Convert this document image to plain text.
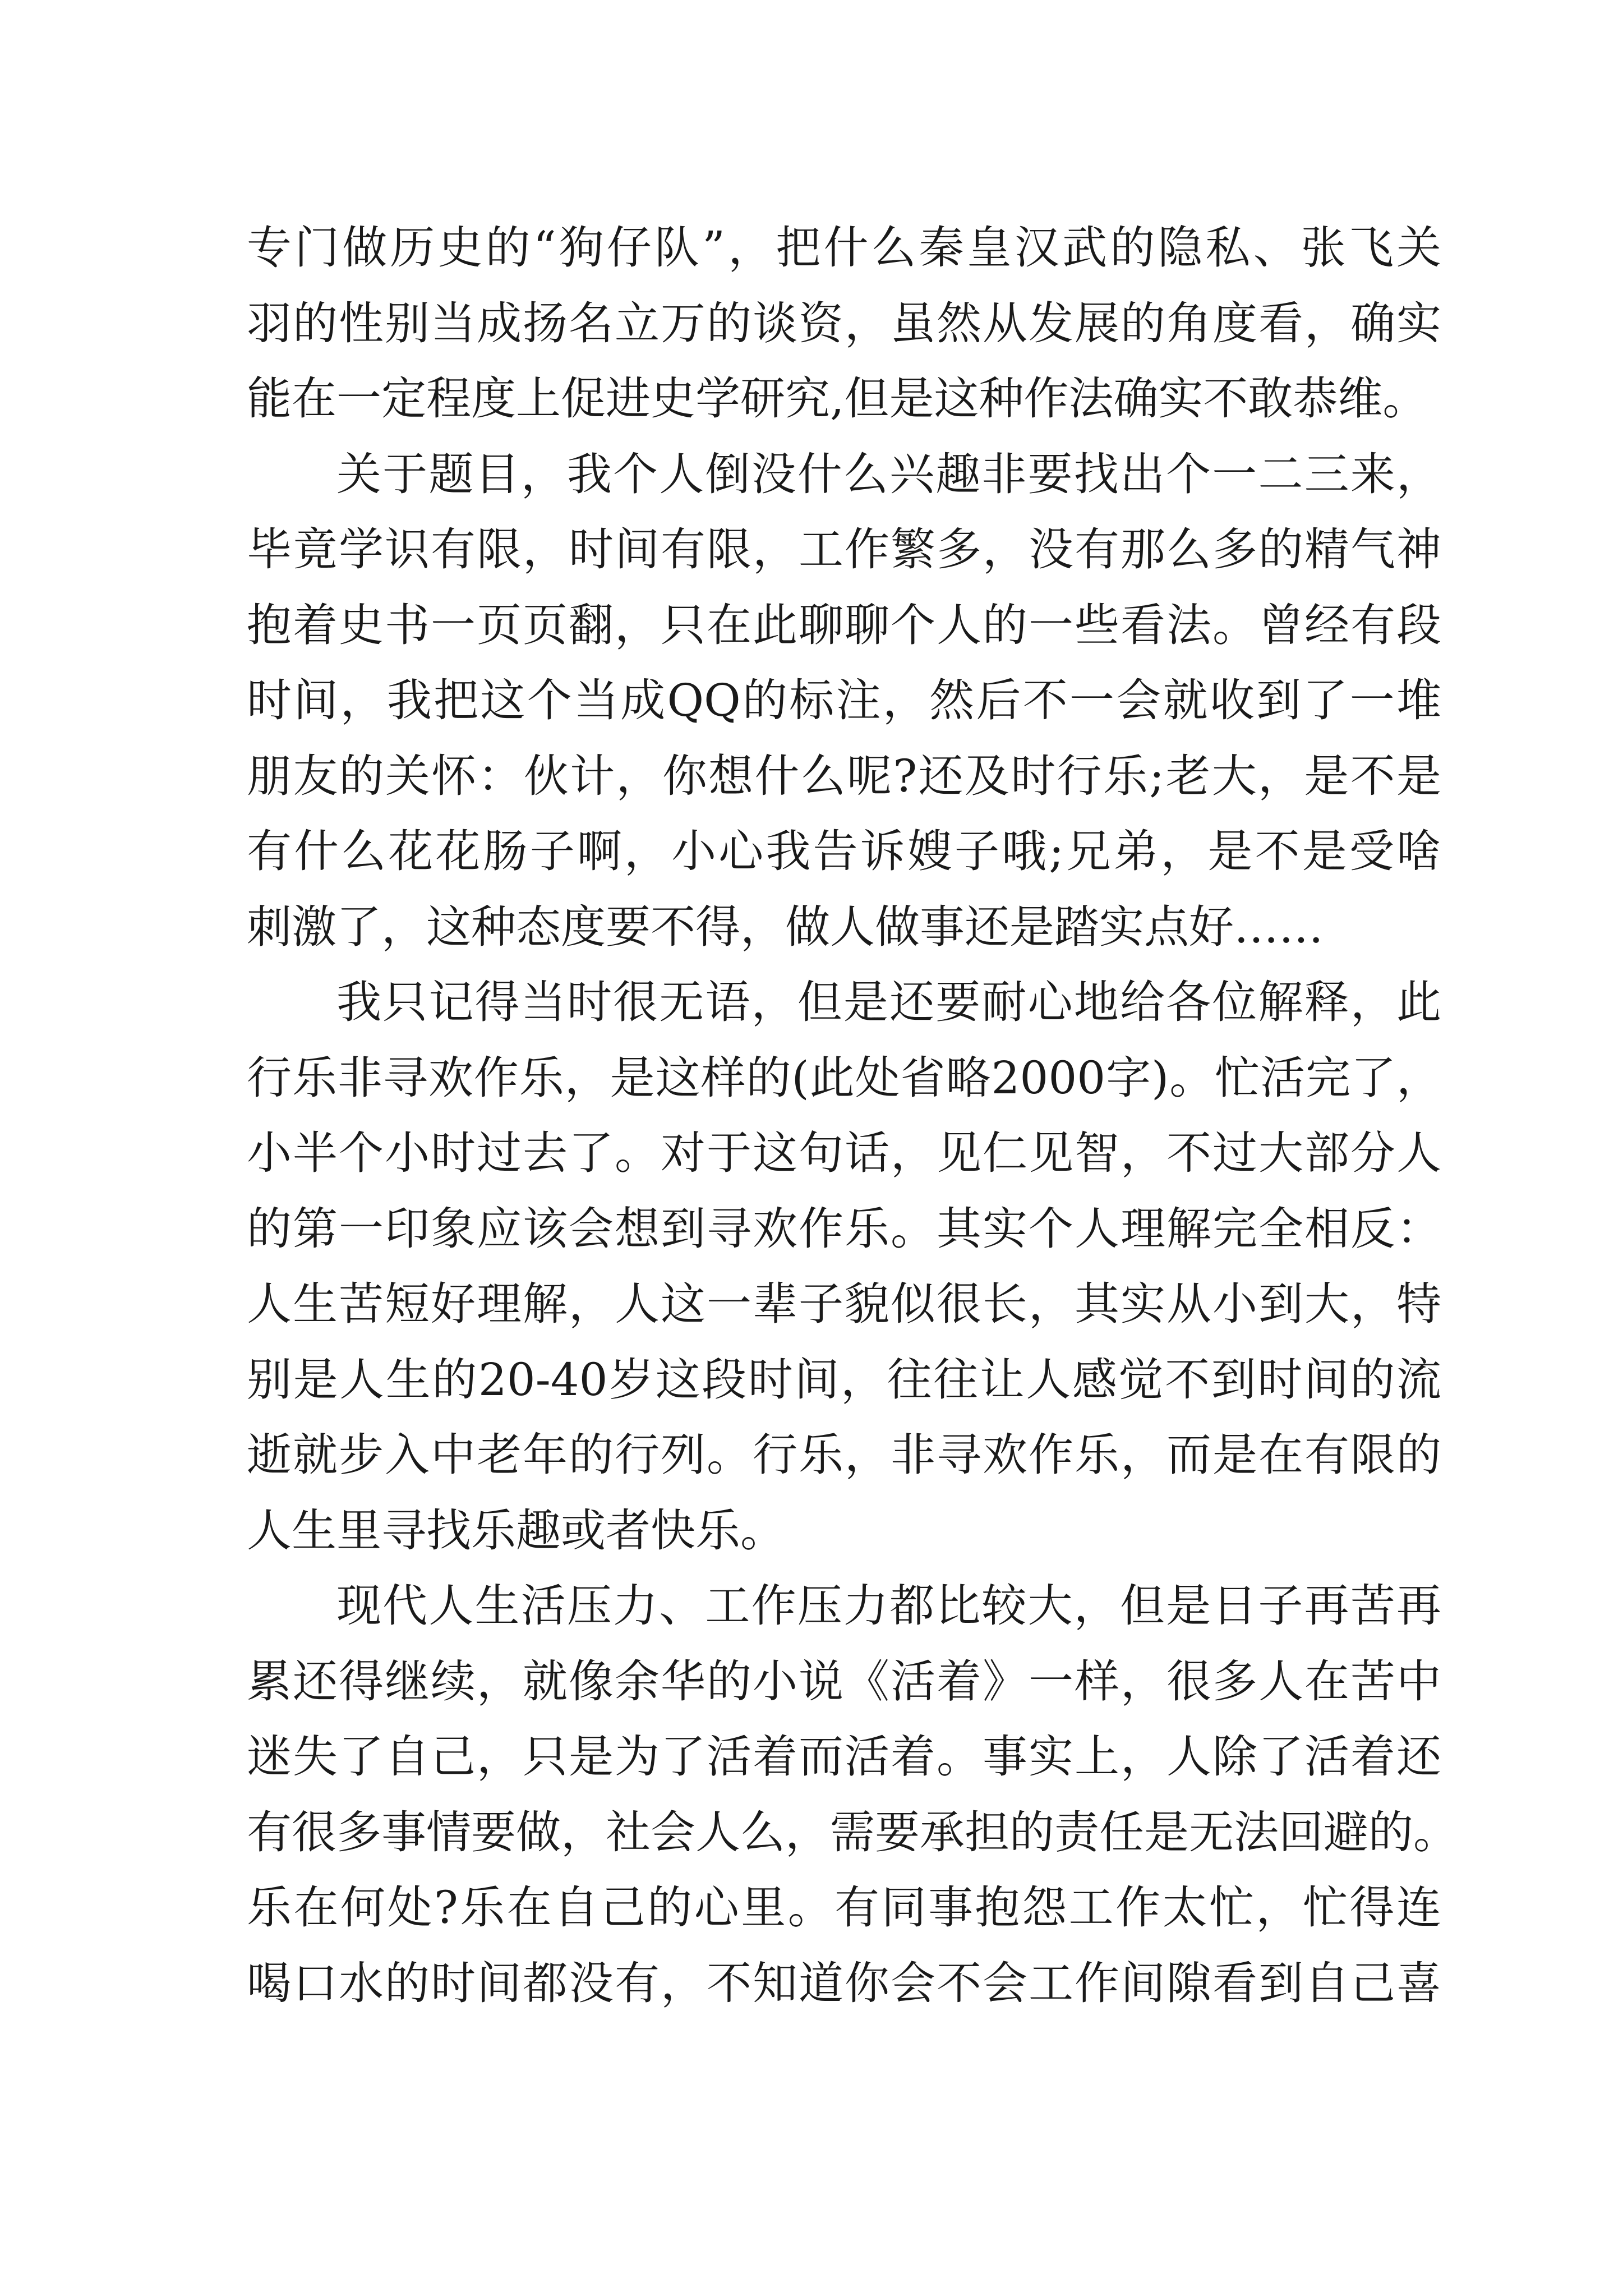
专门做历史的“狗仔队”，把什么秦皇汉武的隐私、张飞关
羽的性别当成扬名立万的谈资，虽然从发展的角度看，确实
能在一定程度上促进史学研究,但是这种作法确实不敢恭维。
关于题目，我个人倒没什么兴趣非要找出个一二三来，
毕竟学识有限，时间有限，工作繁多，没有那么多的精气神
抱着史书一页页翻，只在此聊聊个人的一些看法。曾经有段
时间，我把这个当成QQ的标注，然后不一会就收到了一堆
朋友的关怀：伙计，你想什么呢?还及时行乐;老大，是不是
有什么花花肠子啊，小心我告诉嫂子哦;兄弟，是不是受啥
刺激了，这种态度要不得，做人做事还是踏实点好……
我只记得当时很无语，但是还要耐心地给各位解释，此
行乐非寻欢作乐，是这样的(此处省略2000字)。忙活完了，
小半个小时过去了。对于这句话，见仁见智，不过大部分人
的第一印象应该会想到寻欢作乐。其实个人理解完全相反：
人生苦短好理解，人这一辈子貌似很长，其实从小到大，特
别是人生的20-40岁这段时间，往往让人感觉不到时间的流
逝就步入中老年的行列。行乐，非寻欢作乐，而是在有限的
人生里寻找乐趣或者快乐。
现代人生活压力、工作压力都比较大，但是日子再苦再
累还得继续，就像余华的小说《活着》一样，很多人在苦中
迷失了自己，只是为了活着而活着。事实上，人除了活着还
有很多事情要做，社会人么，需要承担的责任是无法回避的。
乐在何处?乐在自己的心里。有同事抱怨工作太忙，忙得连
喝口水的时间都没有，不知道你会不会工作间隙看到自己喜
